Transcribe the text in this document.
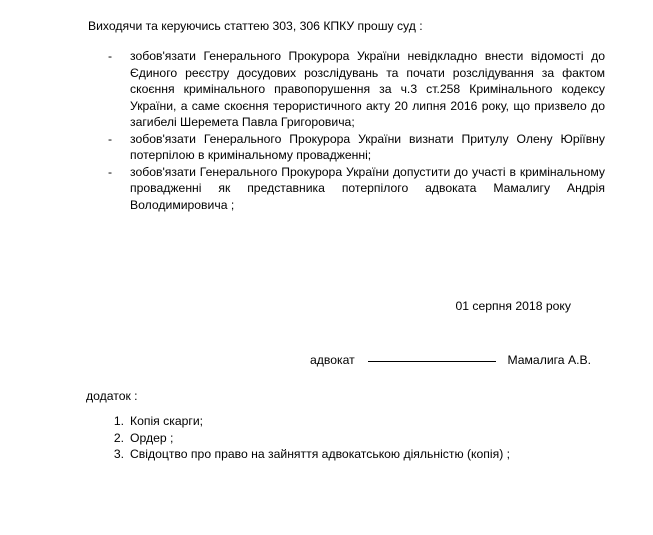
Виходячи та керуючись статтею 303, 306 КПКУ прошу суд :
- зобов'язати Генерального Прокурора України невідкладно внести відомості до Єдиного реєстру досудових розслідувань та почати розслідування за фактом скоєння кримінального правопорушення за ч.3 ст.258 Кримінального кодексу України, а саме скоєння терористичного акту 20 липня 2016 року, що призвело до загибелі Шеремета Павла Григоровича;
- зобов'язати Генерального Прокурора України визнати Притулу Олену Юріївну потерпілою в кримінальному провадженні;
- зобов'язати Генерального Прокурора України допустити до участі в кримінальному провадженні як представника потерпілого адвоката Мамалигу Андрія Володимировича ;
01 серпня 2018 року
адвокат	Мамалига А.В.
додаток :
1. Копія скарги;
2. Ордер ;
3. Свідоцтво про право на зайняття адвокатською діяльністю (копія) ;
